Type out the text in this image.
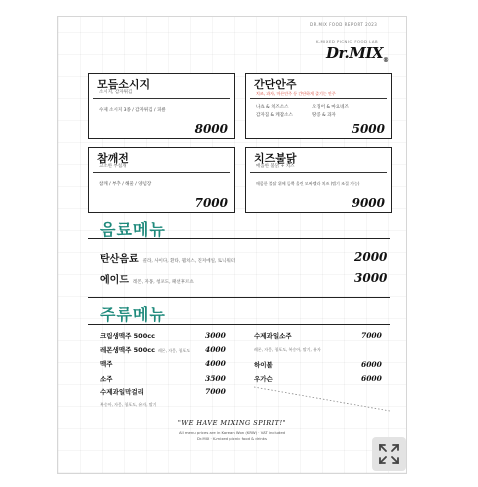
DR.MIX FOOD REPORT 2023
K-MIXED PICNIC FOOD LAB
$Dr.MIX_®$
모듬소시지
소시지, 감자튀김
수제 소시지 3종 / 감자튀김 / 피클
8000
간단안주
치즈, 과자, 마른안주 등 간단하게 즐기는 안주
나쵸 & 치즈소스
감자칩 & 케찹소스
오징어 & 마요네즈
땅콩 & 과자
5000
참깨전
고소한 부침개
참깨 / 부추 / 해물 / 양념장
7000
치즈불닭
매콤한 불닭 + 치즈
매콤한 불닭 위에 듬뿍 올린 모짜렐라 치즈 (맵기 조절 가능)
9000
음료메뉴
탄산음료 콜라, 사이다, 환타, 웰치스, 진저에일, 토닉워터	2000
에이드 레몬, 자몽, 청포도, 패션후르츠	3000
주류메뉴
크림생맥주 500cc	3000
레몬생맥주 500cc 레몬, 자몽, 청포도 4000
맥주	4000
소주	3500
수제과일막걸리	7000
복숭아, 자몽, 청포도, 유자, 딸기
수제과일소주	7000
레몬, 자몽, 청포도, 복숭아, 딸기, 유자
하이볼	6000
우가슨	6000
"WE HAVE MIXING SPIRIT!"
All menu prices are in Korean Won (KRW) · VAT included
Dr.MIX · K-mixed picnic food & drinks
